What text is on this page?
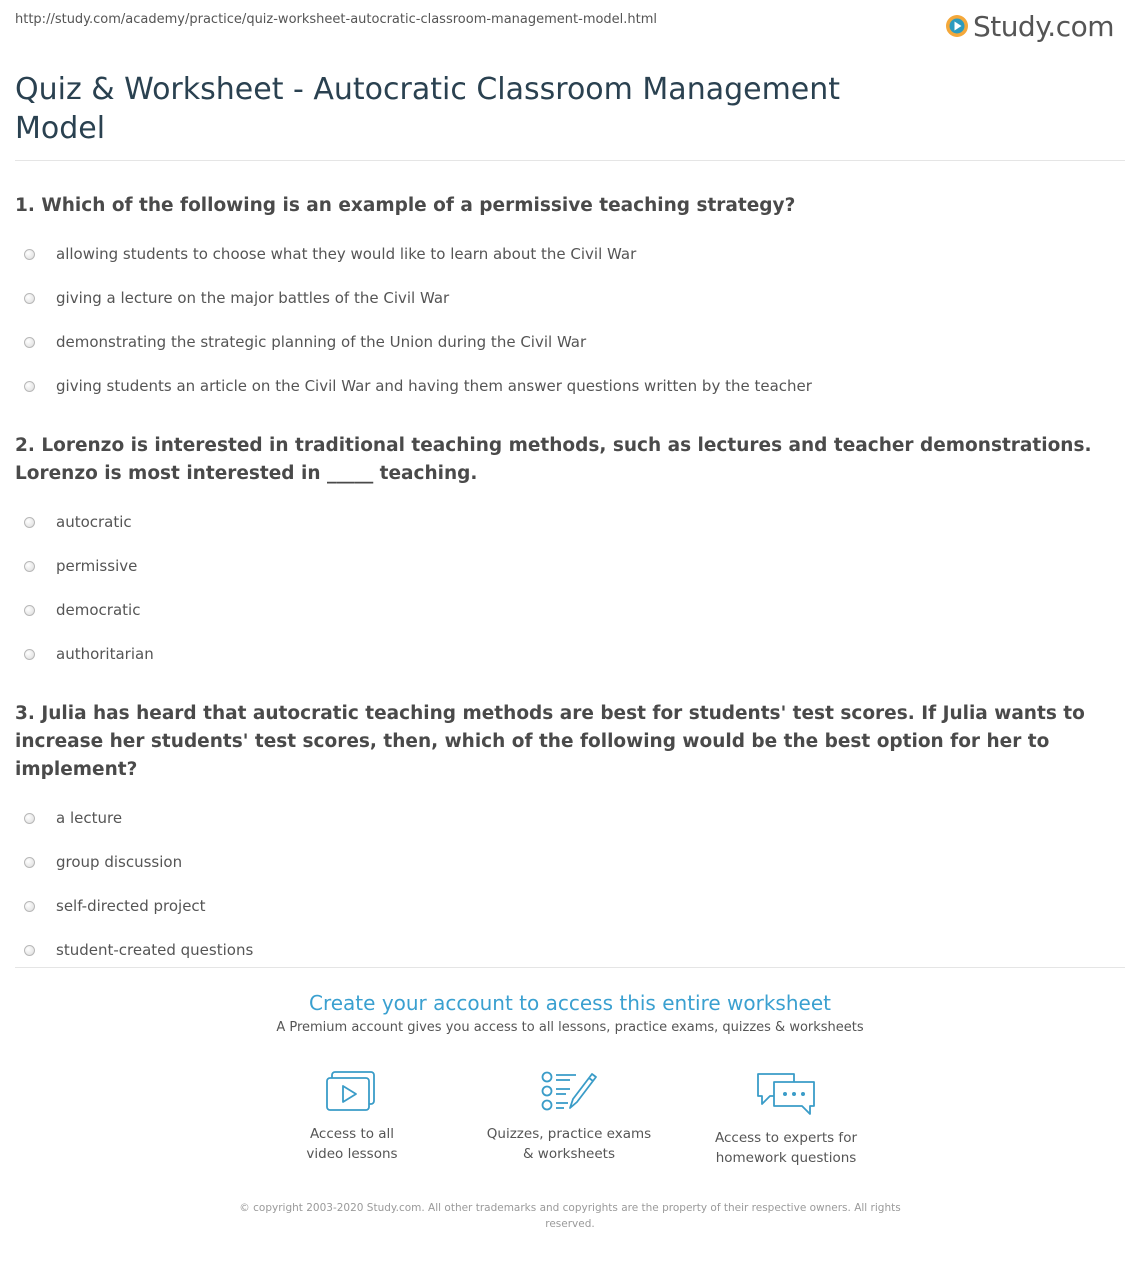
http://study.com/academy/practice/quiz-worksheet-autocratic-classroom-management-model.html	Study.com
Quiz & Worksheet - Autocratic Classroom Management Model

1. Which of the following is an example of a permissive teaching strategy?

allowing students to choose what they would like to learn about the Civil War
giving a lecture on the major battles of the Civil War
demonstrating the strategic planning of the Union during the Civil War
giving students an article on the Civil War and having them answer questions written by the teacher

2. Lorenzo is interested in traditional teaching methods, such as lectures and teacher demonstrations. Lorenzo is most interested in _____ teaching.

autocratic
permissive
democratic
authoritarian

3. Julia has heard that autocratic teaching methods are best for students' test scores. If Julia wants to increase her students' test scores, then, which of the following would be the best option for her to implement?

a lecture
group discussion
self-directed project
student-created questions
Create your account to access this entire worksheet
A Premium account gives you access to all lessons, practice exams, quizzes & worksheets
Access to all
video lessons
Quizzes, practice exams
& worksheets
Access to experts for
homework questions
© copyright 2003-2020 Study.com. All other trademarks and copyrights are the property of their respective owners. All rights reserved.
